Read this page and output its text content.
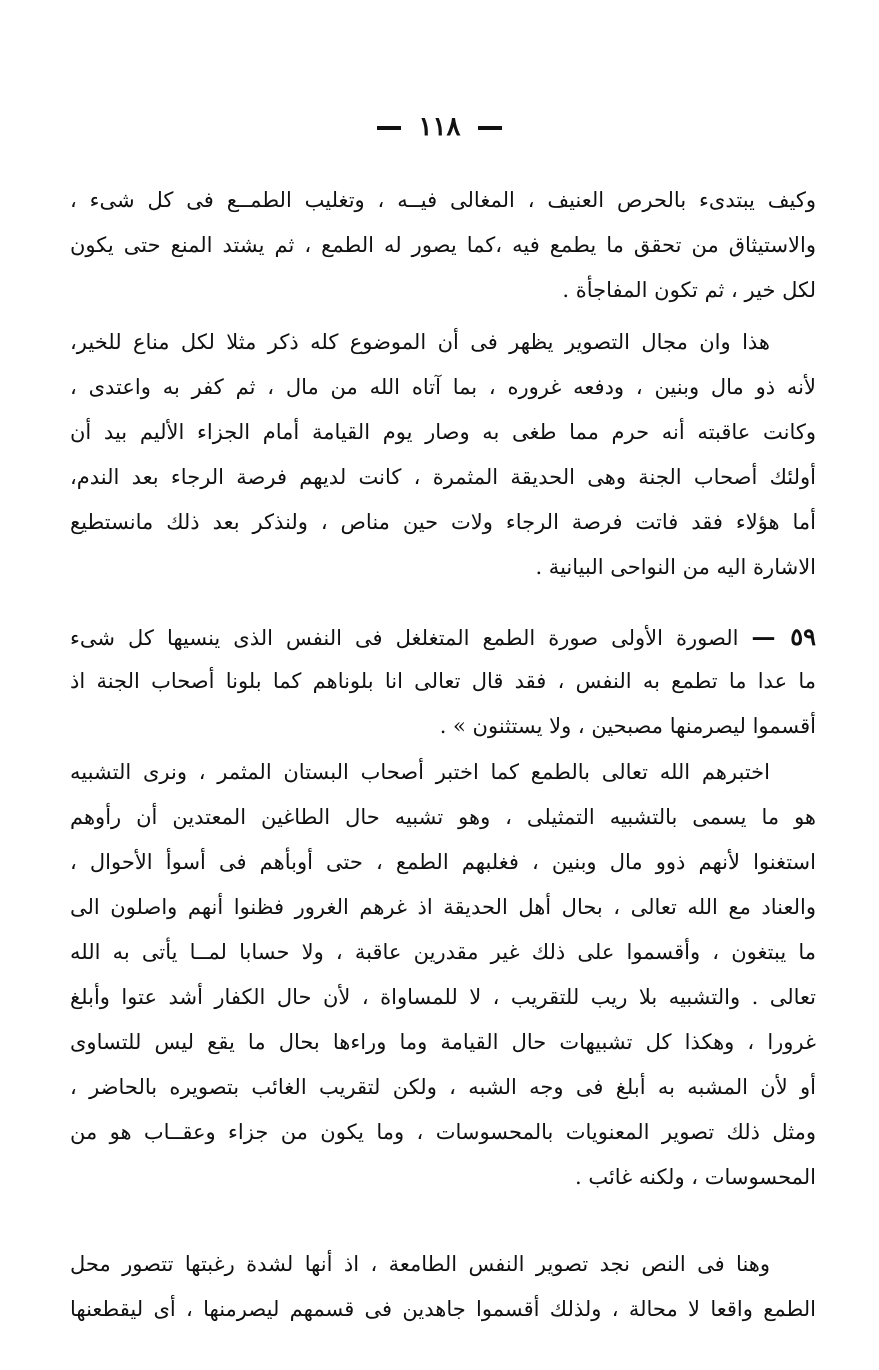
١١٨
وكيف يبتدىء بالحرص العنيف ، المغالى فيــه ، وتغليب الطمــع فى كل شىء ،
والاستيثاق من تحقق ما يطمع فيه ،كما يصور له الطمع ، ثم يشتد المنع حتى يكون
لكل خير ، ثم تكون المفاجأة .
هذا وان مجال التصوير يظهر فى أن الموضوع كله ذكر مثلا لكل مناع للخير،
لأنه ذو مال وبنين ، ودفعه غروره ، بما آتاه الله من مال ، ثم كفر به واعتدى ،
وكانت عاقبته أنه حرم مما طغى به وصار يوم القيامة أمام الجزاء الأليم بيد أن
أولئك أصحاب الجنة وهى الحديقة المثمرة ، كانت لديهم فرصة الرجاء بعد الندم،
أما هؤلاء فقد فاتت فرصة الرجاء ولات حين مناص ، ولنذكر بعد ذلك مانستطيع
الاشارة اليه من النواحى البيانية .
٥٩ — الصورة الأولى صورة الطمع المتغلغل فى النفس الذى ينسيها كل شىء
ما عدا ما تطمع به النفس ، فقد قال تعالى انا بلوناهم كما بلونا أصحاب الجنة اذ
أقسموا ليصرمنها مصبحين ، ولا يستثنون » .
اختبرهم الله تعالى بالطمع كما اختبر أصحاب البستان المثمر ، ونرى التشبيه
هو ما يسمى بالتشبيه التمثيلى ، وهو تشبيه حال الطاغين المعتدين أن رأوهم
استغنوا لأنهم ذوو مال وبنين ، فغلبهم الطمع ، حتى أوبأهم فى أسوأ الأحوال ،
والعناد مع الله تعالى ، بحال أهل الحديقة اذ غرهم الغرور فظنوا أنهم واصلون الى
ما يبتغون ، وأقسموا على ذلك غير مقدرين عاقبة ، ولا حسابا لمــا يأتى به الله
تعالى . والتشبيه بلا ريب للتقريب ، لا للمساواة ، لأن حال الكفار أشد عتوا وأبلغ
غرورا ، وهكذا كل تشبيهات حال القيامة وما وراءها بحال ما يقع ليس للتساوى
أو لأن المشبه به أبلغ فى وجه الشبه ، ولكن لتقريب الغائب بتصويره بالحاضر ،
ومثل ذلك تصوير المعنويات بالمحسوسات ، وما يكون من جزاء وعقــاب هو من
المحسوسات ، ولكنه غائب .
وهنا فى النص نجد تصوير النفس الطامعة ، اذ أنها لشدة رغبتها تتصور محل
الطمع واقعا لا محالة ، ولذلك أقسموا جاهدين فى قسمهم ليصرمنها ، أى ليقطعنها
